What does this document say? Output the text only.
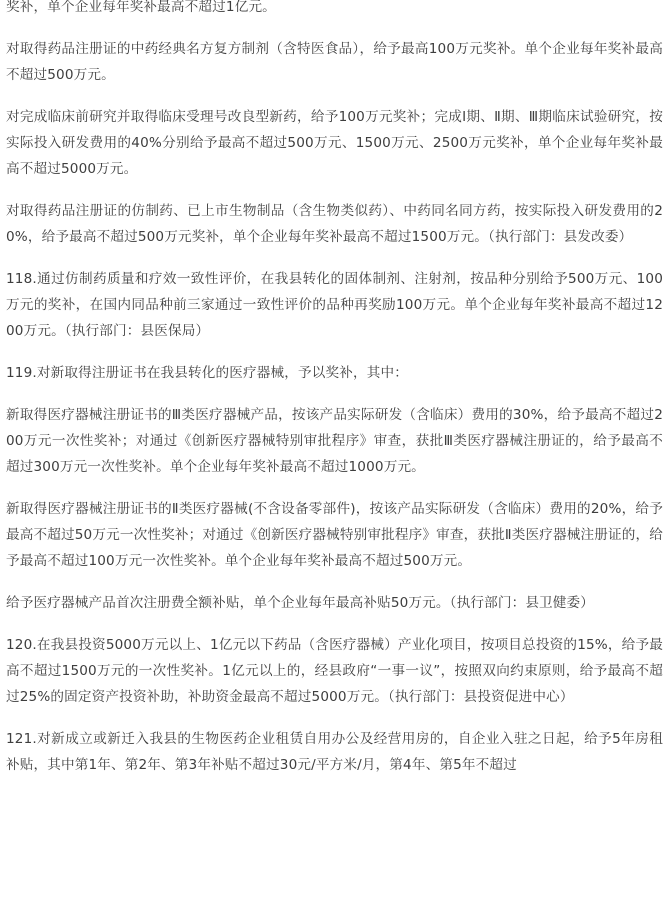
奖补，单个企业每年奖补最高不超过1亿元。

对取得药品注册证的中药经典名方复方制剂（含特医食品），给予最高100万元奖补。单个企业每年奖补最高不超过500万元。

对完成临床前研究并取得临床受理号改良型新药，给予100万元奖补；完成Ⅰ期、Ⅱ期、Ⅲ期临床试验研究，按实际投入研发费用的40%分别给予最高不超过500万元、1500万元、2500万元奖补，单个企业每年奖补最高不超过5000万元。

对取得药品注册证的仿制药、已上市生物制品（含生物类似药）、中药同名同方药，按实际投入研发费用的20%，给予最高不超过500万元奖补，单个企业每年奖补最高不超过1500万元。（执行部门：县发改委）

118.通过仿制药质量和疗效一致性评价，在我县转化的固体制剂、注射剂，按品种分别给予500万元、100万元的奖补，在国内同品种前三家通过一致性评价的品种再奖励100万元。单个企业每年奖补最高不超过1200万元。（执行部门：县医保局）

119.对新取得注册证书在我县转化的医疗器械，予以奖补，其中：

新取得医疗器械注册证书的Ⅲ类医疗器械产品，按该产品实际研发（含临床）费用的30%，给予最高不超过200万元一次性奖补；对通过《创新医疗器械特别审批程序》审查，获批Ⅲ类医疗器械注册证的，给予最高不超过300万元一次性奖补。单个企业每年奖补最高不超过1000万元。

新取得医疗器械注册证书的Ⅱ类医疗器械(不含设备零部件)，按该产品实际研发（含临床）费用的20%，给予最高不超过50万元一次性奖补；对通过《创新医疗器械特别审批程序》审查，获批Ⅱ类医疗器械注册证的，给予最高不超过100万元一次性奖补。单个企业每年奖补最高不超过500万元。

给予医疗器械产品首次注册费全额补贴，单个企业每年最高补贴50万元。（执行部门：县卫健委）

120.在我县投资5000万元以上、1亿元以下药品（含医疗器械）产业化项目，按项目总投资的15%，给予最高不超过1500万元的一次性奖补。1亿元以上的，经县政府“一事一议”，按照双向约束原则，给予最高不超过25%的固定资产投资补助，补助资金最高不超过5000万元。（执行部门：县投资促进中心）

121.对新成立或新迁入我县的生物医药企业租赁自用办公及经营用房的，自企业入驻之日起，给予5年房租补贴，其中第1年、第2年、第3年补贴不超过30元/平方米/月，第4年、第5年不超过
